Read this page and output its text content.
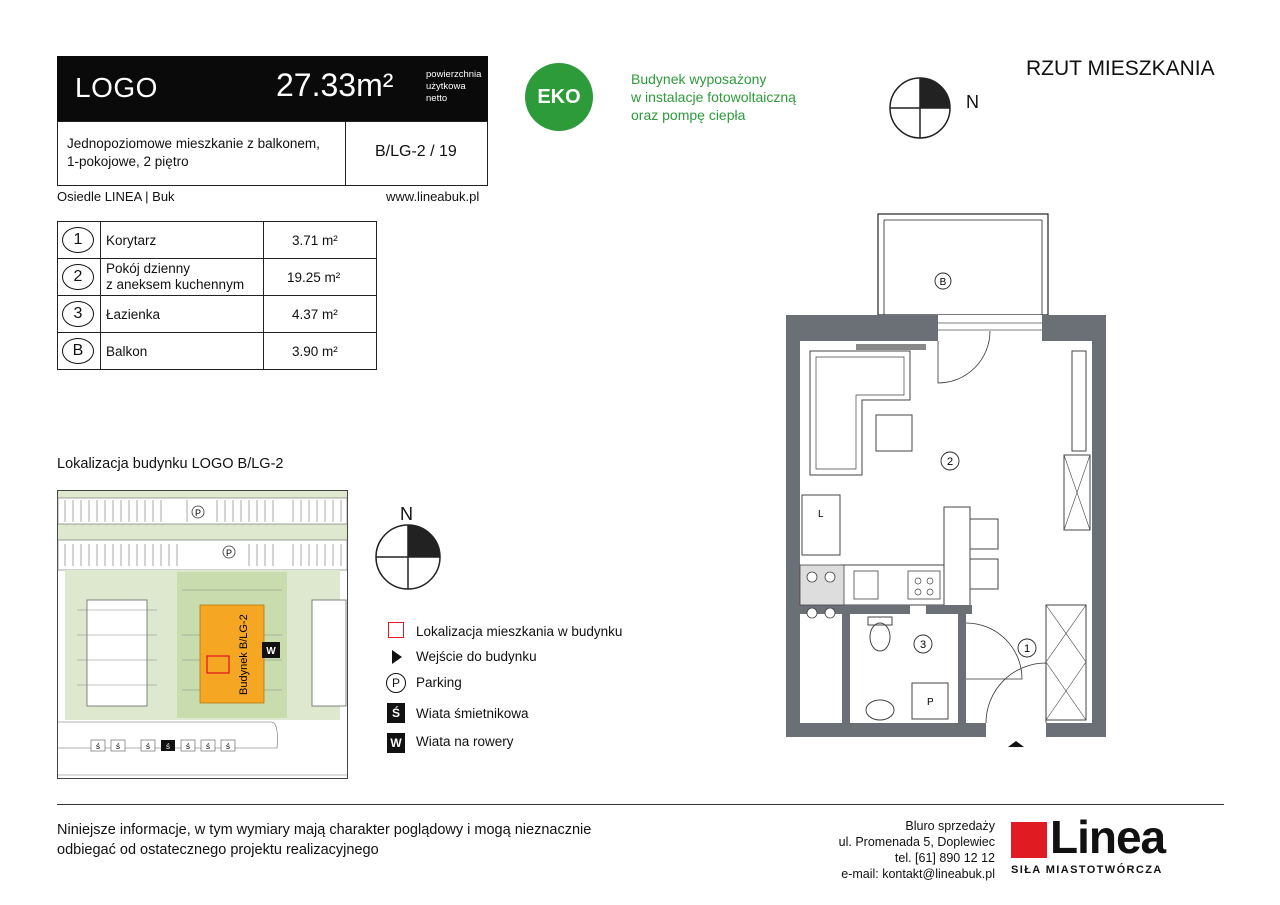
LOGO	27.33m²	powierzchnia
użytkowa
netto
Jednopoziomowe mieszkanie z balkonem,
1-pokojowe, 2 piętro
B/LG-2 / 19
Osiedle LINEA | Buk	www.lineabuk.pl
1	Korytarz	3.71 m²
2	Pokój dzienny
z aneksem kuchennym	19.25 m²
3	Łazienka	4.37 m²
B	Balkon	3.90 m²
EKO
Budynek wyposażony
w instalacje fotowoltaiczną
oraz pompę ciepła
N
RZUT MIESZKANIA
Lokalizacja budynku LOGO B/LG-2
P
P
Budynek B/LG-2 W
ś ś	ś ś ś ś ś
N
Lokalizacja mieszkania w budynku
Wejście do budynku
P	Parking
Ś	Wiata śmietnikowa
W Wiata na rowery
B
L
P
2
3	1
Niniejsze informacje, w tym wymiary mają charakter poglądowy i mogą nieznacznie
odbiegać od ostatecznego projektu realizacyjnego
Bluro sprzedaży
ul. Promenada 5, Doplewiec
tel. [61] 890 12 12
e-mail: kontakt@lineabuk.pl
Linea
SIŁA MIASTOTWÓRCZA
